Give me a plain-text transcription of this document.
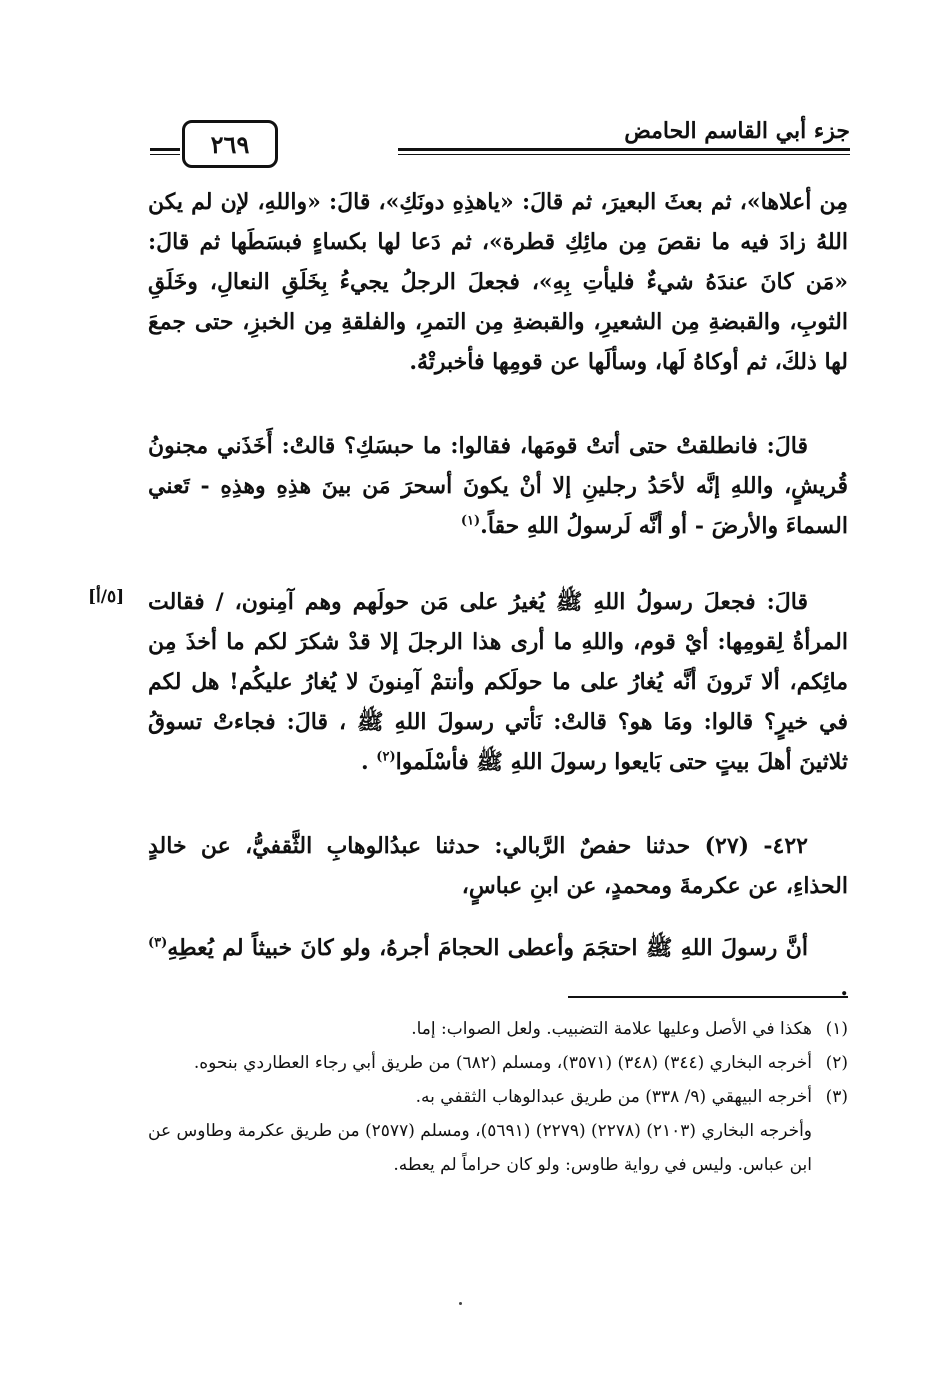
٢٦٩	جزء أبي القاسم الحامض
[٥/أ]

مِن أعلاها»، ثم بعثَ البعيرَ، ثم قالَ: «ياهذِهِ دونَكِ»، قالَ: «واللهِ، لإن لم يكن اللهُ زادَ فيه ما نقصَ مِن مائِكِ قطرة»، ثم دَعا لها بكساءٍ فبسَطَها ثم قالَ: «مَن كانَ عندَهُ شيءٌ فليأتِ بِهِ»، فجعلَ الرجلُ يجيءُ بِخَلَقِ النعالِ، وخَلَقِ الثوبِ، والقبضةِ مِن الشعيرِ، والقبضةِ مِن التمرِ، والفلقةِ مِن الخبزِ، حتى جمعَ لها ذلكَ، ثم أوكاهُ لَها، وسألَها عن قومِها فأخبرتْهُ.

قالَ: فانطلقتْ حتى أتتْ قومَها، فقالوا: ما حبسَكِ؟ قالتْ: أَخَذَني مجنونُ قُريشٍ، واللهِ إنَّه لأحَدُ رجلينِ إلا أنْ يكونَ أسحرَ مَن بينَ هذِهِ وهذِهِ - تَعني السماءَ والأرضَ - أو أنَّه لَرسولُ اللهِ حقاً.$^{(١)}$

قالَ: فجعلَ رسولُ اللهِ ﷺ يُغيرُ على مَن حولَهم وهم آمِنون، / فقالت المرأةُ لِقومِها: أيْ قوم، واللهِ ما أرى هذا الرجلَ إلا قدْ شكرَ لكم ما أخذَ مِن مائِكم، ألا تَرونَ أنَّه يُغارُ على ما حولَكم وأنتمْ آمِنونَ لا يُغارُ عليكُم! هل لكم في خيرٍ؟ قالوا: ومَا هو؟ قالتْ: نَأتي رسولَ اللهِ ﷺ ، قالَ: فجاءتْ تسوقُ ثلاثينَ أهلَ بيتٍ حتى بَايعوا رسولَ اللهِ ﷺ فأسْلَموا$^{(٢)}$ .

٤٢٢- (٢٧) حدثنا حفصٌ الرَّبالي: حدثنا عبدُالوهابِ الثَّقفيُّ، عن خالدٍ الحذاءِ، عن عكرمةَ ومحمدٍ، عن ابنِ عباسٍ،

أنَّ رسولَ اللهِ ﷺ احتجَمَ وأعطى الحجامَ أجرهُ، ولو كانَ خبيثاً لم يُعطِهِ$^{(٣)}$ .

(١)هكذا في الأصل وعليها علامة التضبيب. ولعل الصواب: إما.

(٢)أخرجه البخاري (٣٤٤) (٣٤٨) (٣٥٧١)، ومسلم (٦٨٢) من طريق أبي رجاء العطاردي بنحوه.

(٣)أخرجه البيهقي (٩/ ٣٣٨) من طريق عبدالوهاب الثقفي به.

وأخرجه البخاري (٢١٠٣) (٢٢٧٨) (٢٢٧٩) (٥٦٩١)، ومسلم (٢٥٧٧) من طريق عكرمة وطاوس عن ابن عباس. وليس في رواية طاوس: ولو كان حراماً لم يعطه.
